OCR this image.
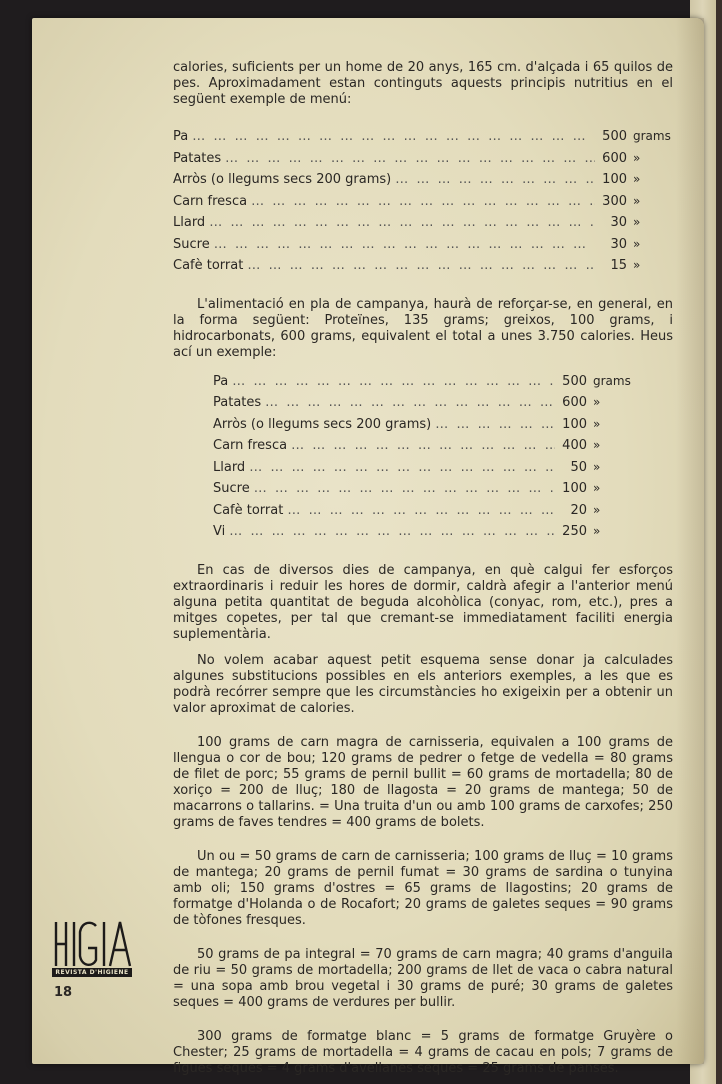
calories, suficients per un home de 20 anys, 165 cm. d'alçada i 65 quilos de pes. Aproximadament estan continguts aquests principis nutritius en el següent exemple de menú:

Pa … … … … … … … … … … … … … … … … … … … … … … … … … … … … … …	500 grams
Patates … … … … … … … … … … … … … … … … … … … … … … … … … … … … … …	600 »
Arròs (o llegums secs 200 grams) … … … … … … … … … … … … … … … … … … … … … … … … … … … … … …	100 »
Carn fresca … … … … … … … … … … … … … … … … … … … … … … … … … … … … … …	300 »
Llard … … … … … … … … … … … … … … … … … … … … … … … … … … … … … …	30 »
Sucre … … … … … … … … … … … … … … … … … … … … … … … … … … … … … …	30 »
Cafè torrat … … … … … … … … … … … … … … … … … … … … … … … … … … … … … …	15 »

L'alimentació en pla de campanya, haurà de reforçar-se, en general, en la forma següent: Proteïnes, 135 grams; greixos, 100 grams, i hidrocarbonats, 600 grams, equivalent el total a unes 3.750 calories. Heus ací un exemple:

Pa … … … … … … … … … … … … … … … … … … … … … … … … … … … … … …	500 grams
Patates … … … … … … … … … … … … … … … … … … … … … … … … … … … … … …	600 »
Arròs (o llegums secs 200 grams) … … … … … … … … … … … … … … … … … … … … … … … … … … … … … …	100 »
Carn fresca … … … … … … … … … … … … … … … … … … … … … … … … … … … … … …	400 »
Llard … … … … … … … … … … … … … … … … … … … … … … … … … … … … … …	50 »
Sucre … … … … … … … … … … … … … … … … … … … … … … … … … … … … … …	100 »
Cafè torrat … … … … … … … … … … … … … … … … … … … … … … … … … … … … … …	20 »
Vi … … … … … … … … … … … … … … … … … … … … … … … … … … … … … …	250 »

En cas de diversos dies de campanya, en què calgui fer esforços extraordinaris i reduir les hores de dormir, caldrà afegir a l'anterior menú alguna petita quantitat de beguda alcohòlica (conyac, rom, etc.), pres a mitges copetes, per tal que cremant-se immediatament faciliti energia suplementària.

No volem acabar aquest petit esquema sense donar ja calculades algunes substitucions possibles en els anteriors exemples, a les que es podrà recórrer sempre que les circumstàncies ho exigeixin per a obtenir un valor aproximat de calories.

100 grams de carn magra de carnisseria, equivalen a 100 grams de llengua o cor de bou; 120 grams de pedrer o fetge de vedella = 80 grams de filet de porc; 55 grams de pernil bullit = 60 grams de mortadella; 80 de xoriço = 200 de lluç; 180 de llagosta = 20 grams de mantega; 50 de macarrons o tallarins. = Una truita d'un ou amb 100 grams de carxofes; 250 grams de faves tendres = 400 grams de bolets.

Un ou = 50 grams de carn de carnisseria; 100 grams de lluç = 10 grams de mantega; 20 grams de pernil fumat = 30 grams de sardina o tunyina amb oli; 150 grams d'ostres = 65 grams de llagostins; 20 grams de formatge d'Holanda o de Rocafort; 20 grams de galetes seques = 90 grams de tòfones fresques.

50 grams de pa integral = 70 grams de carn magra; 40 grams d'anguila de riu = 50 grams de mortadella; 200 grams de llet de vaca o cabra natural = una sopa amb brou vegetal i 30 grams de puré; 30 grams de galetes seques = 400 grams de verdures per bullir.

300 grams de formatge blanc = 5 grams de formatge Gruyère o Chester; 25 grams de mortadella = 4 grams de cacau en pols; 7 grams de figues seques = 4 grams d'avellanes seques = 25 grams de panses.

REVISTA D'HIGIENE
18
